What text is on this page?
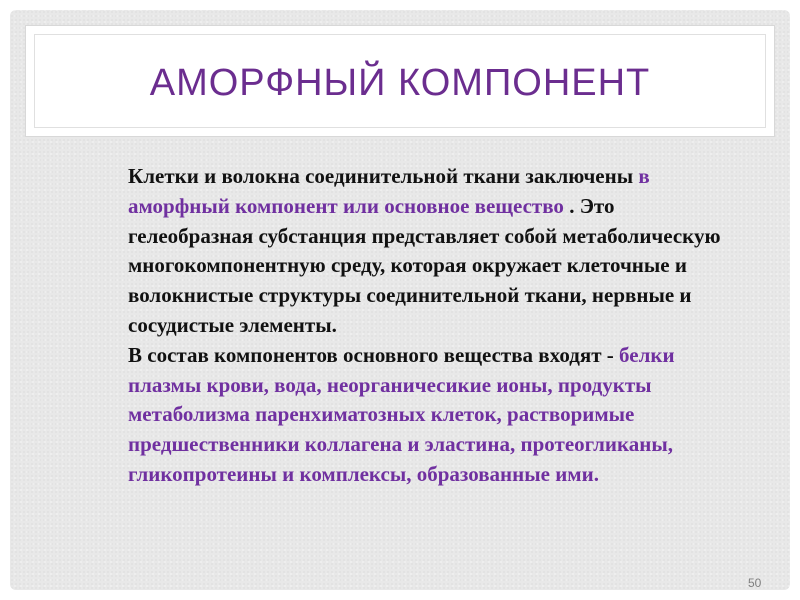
АМОРФНЫЙ КОМПОНЕНТ
50

Клетки и волокна соединительной ткани заключены в аморфный компонент или основное вещество . Это гелеобразная субстанция представляет собой метаболическую многокомпонентную среду, которая окружает клеточные и волокнистые структуры соединительной ткани, нервные и сосудистые элементы.

В состав компонентов основного вещества входят - белки плазмы крови, вода, неорганичесикие ионы, продукты метаболизма паренхиматозных клеток, растворимые предшественники коллагена и эластина, протеогликаны, гликопротеины и комплексы, образованные ими.
